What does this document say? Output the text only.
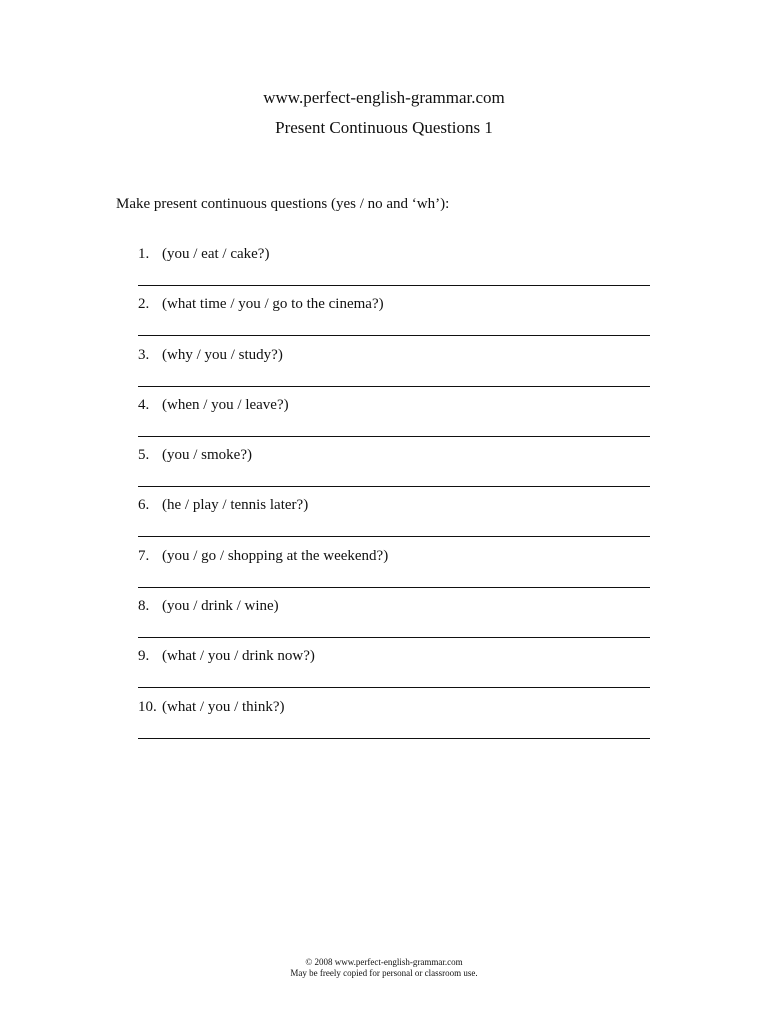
www.perfect-english-grammar.com
Present Continuous Questions 1
Make present continuous questions (yes / no and ‘wh’):
1. (you / eat / cake?)
2. (what time / you / go to the cinema?)
3. (why / you / study?)
4. (when / you / leave?)
5. (you / smoke?)
6. (he / play / tennis later?)
7. (you / go / shopping at the weekend?)
8. (you / drink / wine)
9. (what / you / drink now?)
10. (what / you / think?)
© 2008 www.perfect-english-grammar.com
May be freely copied for personal or classroom use.
